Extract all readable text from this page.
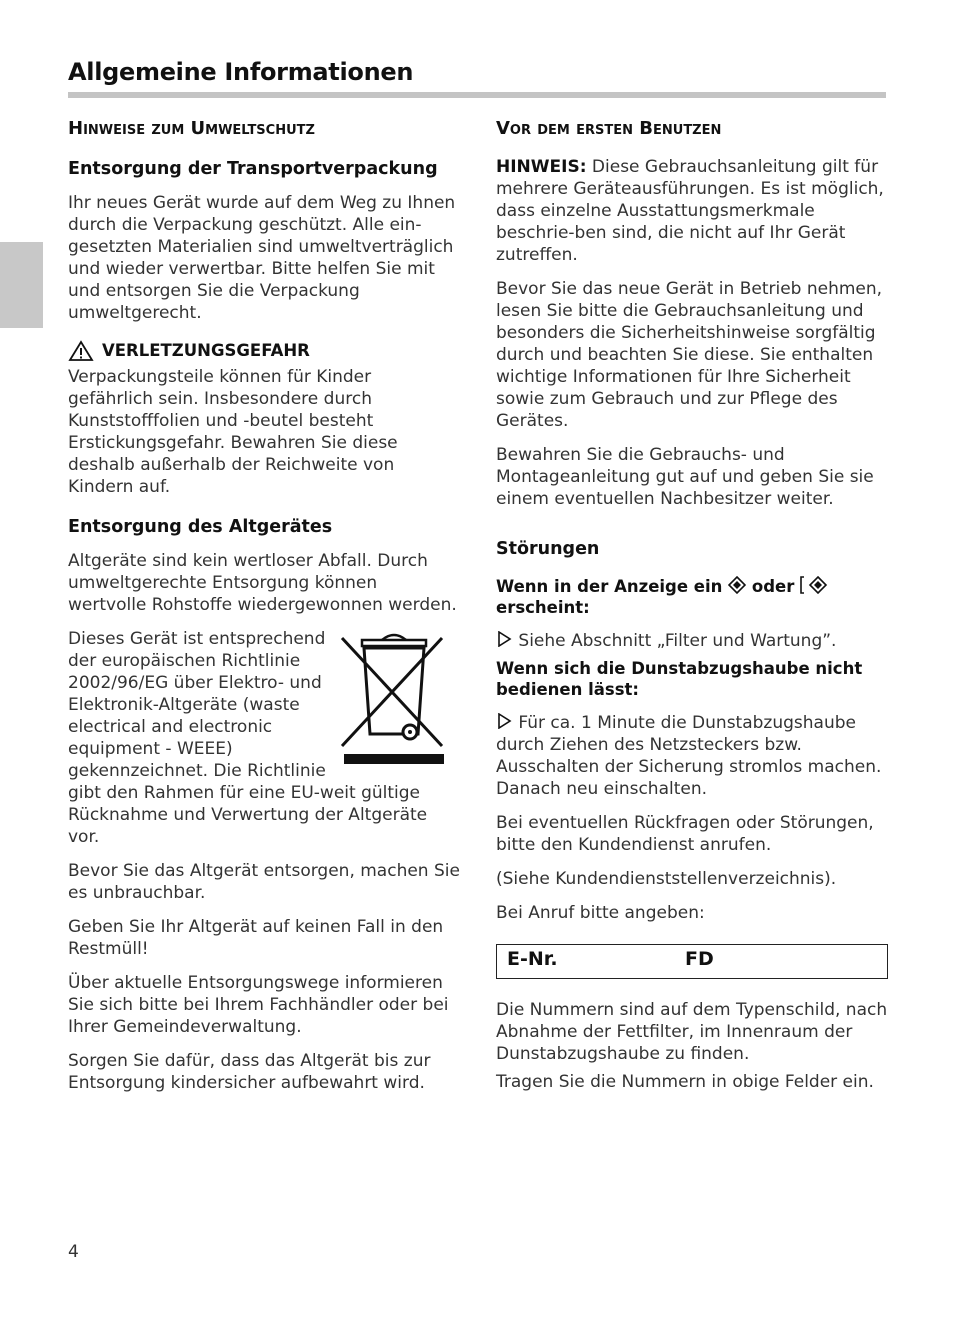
Allgemeine Informationen
Hinweise zum Umweltschutz
Entsorgung der Transportverpackung

Ihr neues Gerät wurde auf dem Weg zu Ihnen durch die Verpackung geschützt. Alle ein-gesetzten Materialien sind umweltverträglich und wieder verwertbar. Bitte helfen Sie mit und entsorgen Sie die Verpackung umweltgerecht.

VERLETZUNGSGEFAHR

Verpackungsteile können für Kinder gefährlich sein. Insbesondere durch Kunststofffolien und -beutel besteht Erstickungsgefahr. Bewahren Sie diese deshalb außerhalb der Reichweite von Kindern auf.

Entsorgung des Altgerätes

Altgeräte sind kein wertloser Abfall. Durch umweltgerechte Entsorgung können wertvolle Rohstoffe wiedergewonnen werden.

Dieses Gerät ist entsprechend

der europäischen Richtlinie

2002/96/EG über Elektro- und

Elektronik-Altgeräte (waste

electrical and electronic

equipment - WEEE)

gekennzeichnet. Die Richtlinie

gibt den Rahmen für eine EU-weit gültige

Rücknahme und Verwertung der Altgeräte vor.

Bevor Sie das Altgerät entsorgen, machen Sie es unbrauchbar.

Geben Sie Ihr Altgerät auf keinen Fall in den Restmüll!

Über aktuelle Entsorgungswege informieren Sie sich bitte bei Ihrem Fachhändler oder bei Ihrer Gemeindeverwaltung.

Sorgen Sie dafür, dass das Altgerät bis zur Entsorgung kindersicher aufbewahrt wird.

Vor dem ersten Benutzen

HINWEIS: Diese Gebrauchsanleitung gilt für mehrere Geräteausführungen. Es ist möglich, dass einzelne Ausstattungsmerkmale beschrie-ben sind, die nicht auf Ihr Gerät zutreffen.

Bevor Sie das neue Gerät in Betrieb nehmen, lesen Sie bitte die Gebrauchsanleitung und besonders die Sicherheitshinweise sorgfältig durch und beachten Sie diese. Sie enthalten wichtige Informationen für Ihre Sicherheit sowie zum Gebrauch und zur Pflege des Gerätes.

Bewahren Sie die Gebrauchs- und Montageanleitung gut auf und geben Sie sie einem eventuellen Nachbesitzer weiter.

Störungen
Wenn in der Anzeige ein oder
erscheint:

Siehe Abschnitt „Filter und Wartung”.

Wenn sich die Dunstabzugshaube nicht bedienen lässt:

Für ca. 1 Minute die Dunstabzugshaube durch Ziehen des Netzsteckers bzw. Ausschalten der Sicherung stromlos machen. Danach neu einschalten.

Bei eventuellen Rückfragen oder Störungen, bitte den Kundendienst anrufen.

(Siehe Kundendienststellenverzeichnis).

Bei Anruf bitte angeben:

E-Nr.	FD

Die Nummern sind auf dem Typenschild, nach Abnahme der Fettfilter, im Innenraum der Dunstabzugshaube zu finden.

Tragen Sie die Nummern in obige Felder ein.

4
